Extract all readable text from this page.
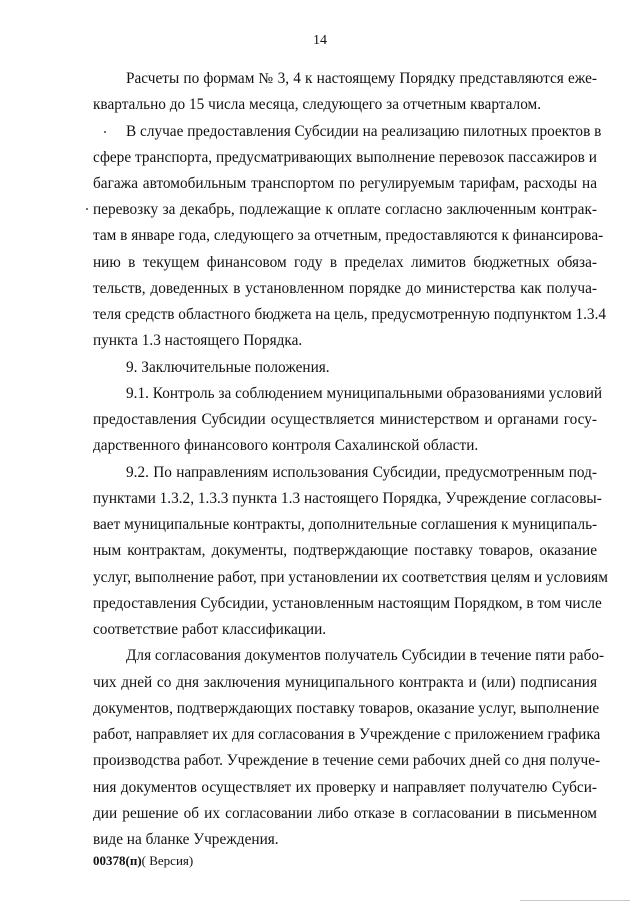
14
Расчеты по формам № 3, 4 к настоящему Порядку представляются еже-
квартально до 15 числа месяца, следующего за отчетным кварталом.
В случае предоставления Субсидии на реализацию пилотных проектов в
сфере транспорта, предусматривающих выполнение перевозок пассажиров и
багажа автомобильным транспортом по регулируемым тарифам, расходы на
перевозку за декабрь, подлежащие к оплате согласно заключенным контрак-
там в январе года, следующего за отчетным, предоставляются к финансирова-
нию в текущем финансовом году в пределах лимитов бюджетных обяза-
тельств, доведенных в установленном порядке до министерства как получа-
теля средств областного бюджета на цель, предусмотренную подпунктом 1.3.4
пункта 1.3 настоящего Порядка.
9. Заключительные положения.
9.1. Контроль за соблюдением муниципальными образованиями условий
предоставления Субсидии осуществляется министерством и органами госу-
дарственного финансового контроля Сахалинской области.
9.2. По направлениям использования Субсидии, предусмотренным под-
пунктами 1.3.2, 1.3.3 пункта 1.3 настоящего Порядка, Учреждение согласовы-
вает муниципальные контракты, дополнительные соглашения к муниципаль-
ным контрактам, документы, подтверждающие поставку товаров, оказание
услуг, выполнение работ, при установлении их соответствия целям и условиям
предоставления Субсидии, установленным настоящим Порядком, в том числе
соответствие работ классификации.
Для согласования документов получатель Субсидии в течение пяти рабо-
чих дней со дня заключения муниципального контракта и (или) подписания
документов, подтверждающих поставку товаров, оказание услуг, выполнение
работ, направляет их для согласования в Учреждение с приложением графика
производства работ. Учреждение в течение семи рабочих дней со дня получе-
ния документов осуществляет их проверку и направляет получателю Субси-
дии решение об их согласовании либо отказе в согласовании в письменном
виде на бланке Учреждения.
00378(п)( Версия)
